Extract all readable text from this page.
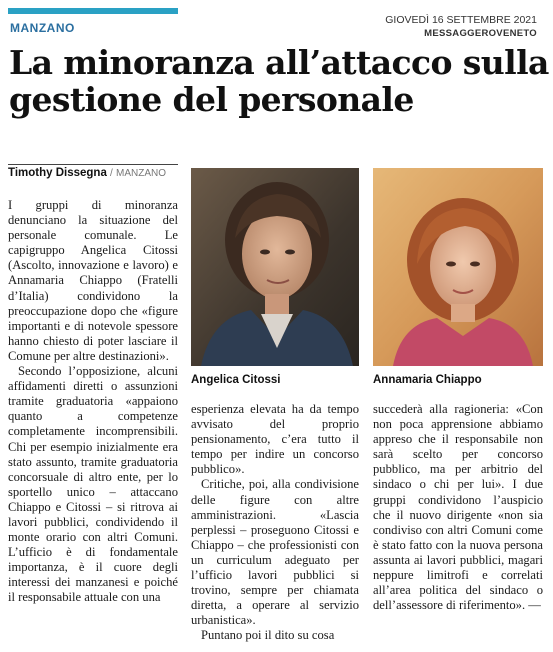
MANZANO
GIOVEDÌ 16 SETTEMBRE 2021
MESSAGGEROVENETO
La minoranza all’attacco sulla gestione del personale
Timothy Dissegna / MANZANO

I gruppi di minoranza denunciano la situazione del personale comunale. Le capigruppo Angelica Citossi (Ascolto, innovazione e lavoro) e Annamaria Chiappo (Fratelli d’Italia) condividono la preoccupazione dopo che «figure importanti e di notevole spessore hanno chiesto di poter lasciare il Comune per altre destinazioni».

Secondo l’opposizione, alcuni affidamenti diretti o assunzioni tramite graduatoria «appaiono quanto a competenze completamente incomprensibili. Chi per esempio inizialmente era stato assunto, tramite graduatoria concorsuale di altro ente, per lo sportello unico – attaccano Chiappo e Citossi – si ritrova ai lavori pubblici, condividendo il monte orario con altri Comuni. L’ufficio è di fondamentale importanza, è il cuore degli interessi dei manzanesi e poiché il responsabile attuale con una

Angelica Citossi	Annamaria Chiappo

esperienza elevata ha da tempo avvisato del proprio pensionamento, c’era tutto il tempo per indire un concorso pubblico».

Critiche, poi, alla condivisione delle figure con altre amministrazioni. «Lascia perplessi – proseguono Citossi e Chiappo – che professionisti con un curriculum adeguato per l’ufficio lavori pubblici si trovino, sempre per chiamata diretta, a operare al servizio urbanistica».

Puntano poi il dito su cosa

succederà alla ragioneria: «Con non poca apprensione abbiamo appreso che il responsabile non sarà scelto per concorso pubblico, ma per arbitrio del sindaco o chi per lui». I due gruppi condividono l’auspicio che il nuovo dirigente «non sia condiviso con altri Comuni come è stato fatto con la nuova persona assunta ai lavori pubblici, magari neppure limitrofi e correlati all’area politica del sindaco o dell’assessore di riferimento». —
